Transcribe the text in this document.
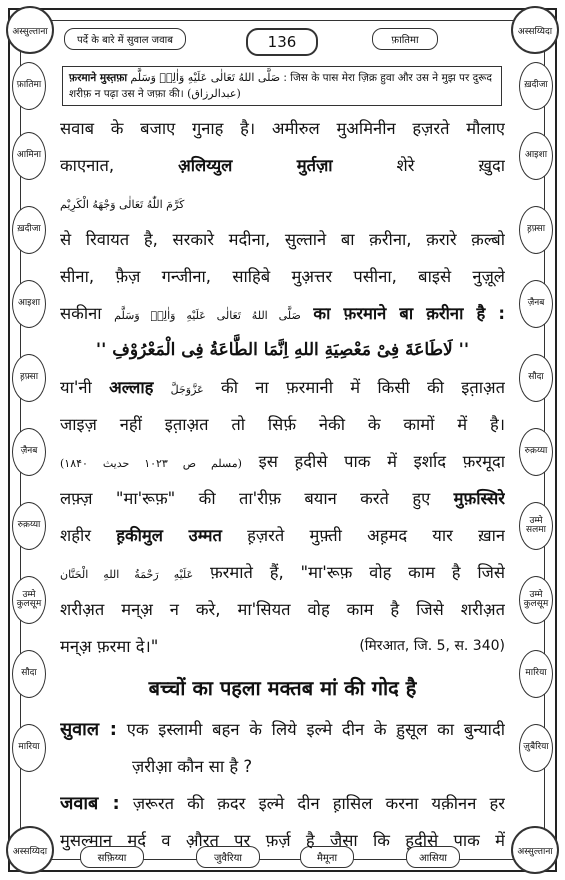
अस्सुल्ताना	अस्सय्यिदा
अस्सय्यिदा	अस्सुल्ताना
पर्दे के बारे में सुवाल जवाब	136	फ़ातिमा
फ़ातिमा
आमिना
ख़दीजा
आइशा
ह़फ़्सा
ज़ैनब
रुक़य्या
उम्मे कुलसूम
सौदा
मारिया
ख़दीजा
आइशा
ह़फ़्सा
ज़ैनब
सौदा
रुक़य्या
उम्मे सलमा
उम्मे कुलसूम
मारिया
ज़ुबैरिया
सफ़िय्या	जुवैरिया	मैमूना	आसिया
फ़रमाने मुस्त़फ़ा صَلَّى اللهُ تَعَالٰى عَلَيْهِ وَاٰلِهٖ وَسَلَّم : जिस के पास मेरा ज़िक्र हुवा और उस ने मुझ पर दुरूद शरीफ़ न पढ़ा उस ने जफ़ा की। (عبدالرزاق)
सवाब के बजाए गुनाह है। अमीरुल मुअमिनीन हज़रते मौलाए
काएनात,	अ़लिय्युल मुर्तज़ा	शेरे ख़ुदा
كَرَّمَ اللّٰهُ تَعَالٰى وَجْهَهُ الْكَرِيْم
से रिवायत है, सरकारे मदीना, सुल्ताने बा क़रीना, क़रारे क़ल्बो
सीना, फ़ैज़ गन्जीना, साहिबे मुअ़त्तर पसीना, बाइसे नुज़ूले
सकीना صَلَّى اللهُ تَعَالٰى عَلَيْهِ وَاٰلِهٖ وَسَلَّم का फ़रमाने बा क़रीना है :
'' لَاطَاعَةَ فِىْ مَعْصِيَةِ اللهِ اِنَّمَا الطَّاعَةُ فِى الْمَعْرُوْفِ ''
या'नी अल्लाह عَزَّوَجَلَّ की ना फ़रमानी में किसी की इत़ाअ़त
जाइज़ नहीं इत़ाअ़त तो सिर्फ़ नेकी के कामों में है।
(مسلم ص ۱۰۲۳ حديث ۱۸۴۰) इस ह़दीसे पाक में इर्शाद फ़रमूदा
लफ़्ज़ "मा'रूफ़" की ता'रीफ़ बयान करते हुए मुफ़स्सिरे
शहीर ह़कीमुल उम्मत ह़ज़रते मुफ़्ती अह़मद यार ख़ान
عَلَيْهِ رَحْمَةُ اللهِ الْحَنَّان फ़रमाते हैं, "मा'रूफ़ वोह काम है जिसे
शरीअ़त मन्अ़ न करे, मा'सियत वोह काम है जिसे शरीअ़त
मन्अ़ फ़रमा दे।"	(मिरआत, जि. 5, स. 340)
बच्चों का पहला मक्तब मां की गोद है
सुवाल : एक इस्लामी बहन के लिये इल्मे दीन के ह़ुसूल का बुन्यादी
ज़रीआ़ कौन सा है ?
जवाब : ज़रूरत की क़दर इल्मे दीन ह़ासिल करना यक़ीनन हर
मुसल्मान मर्द व औ़रत पर फ़र्ज़ है जैसा कि ह़दीसे पाक में
